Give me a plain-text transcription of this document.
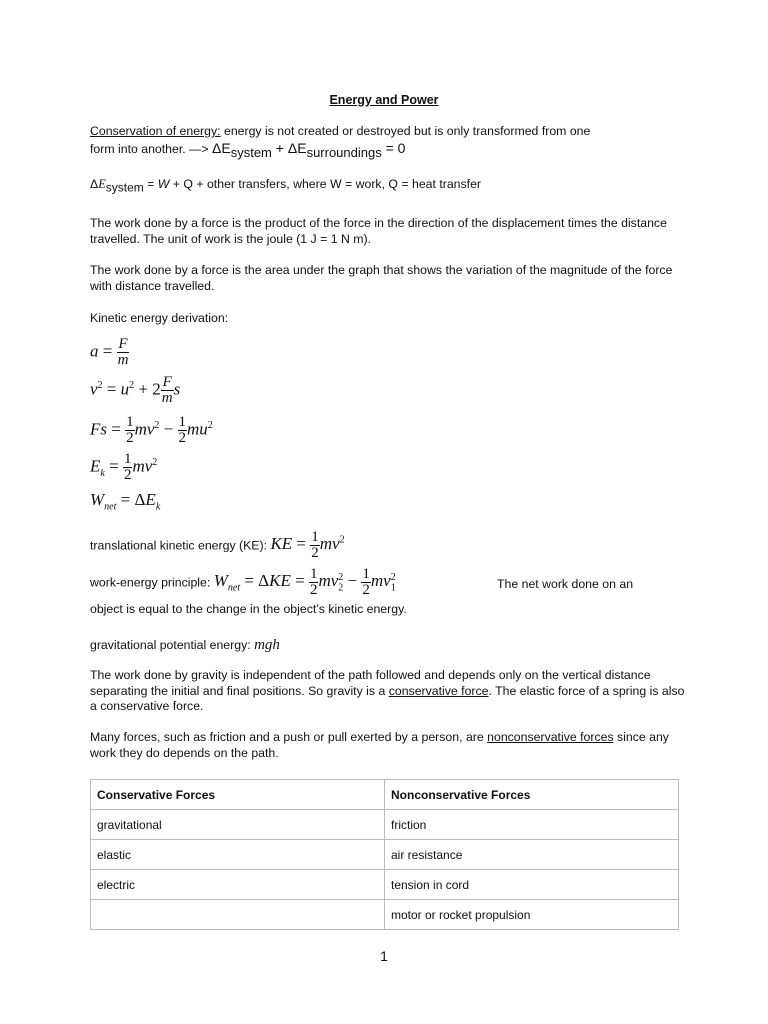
Energy and Power
Conservation of energy: energy is not created or destroyed but is only transformed from one
form into another. —> $\Delta E_{system} + \Delta E_{surroundings} = 0$
$\Delta E_{system} = W + Q$ + other transfers, where W = work, Q = heat transfer
The work done by a force is the product of the force in the direction of the displacement times the distance travelled. The unit of work is the joule (1 J = 1 N m).
The work done by a force is the area under the graph that shows the variation of the magnitude of the force with distance travelled.
Kinetic energy derivation:
$a = \frac{F}{m}$
$v^2 = u^2 + 2 \frac{F}{m}$ s
$Fs = \frac{1}{2} mv^2 - \frac{1}{2} mu^2$
$E_k = \frac{1}{2} mv^2$
$W_{net} = \Delta E_k$
translational kinetic energy (KE): KE = $\frac{1}{2} mv^2$
work-energy principle: $W_{net} = \Delta KE = \frac{1}{2} mv_2^2 - \frac{1}{2} mv_1^2$	The net work done on an
object is equal to the change in the object’s kinetic energy.
gravitational potential energy: mgh
The work done by gravity is independent of the path followed and depends only on the vertical distance separating the initial and final positions. So gravity is a conservative force. The elastic force of a spring is also a conservative force.
Many forces, such as friction and a push or pull exerted by a person, are nonconservative forces since any work they do depends on the path.
Conservative Forces	Nonconservative Forces
gravitational	friction
elastic	air resistance
electric	tension in cord
	motor or rocket propulsion
1
